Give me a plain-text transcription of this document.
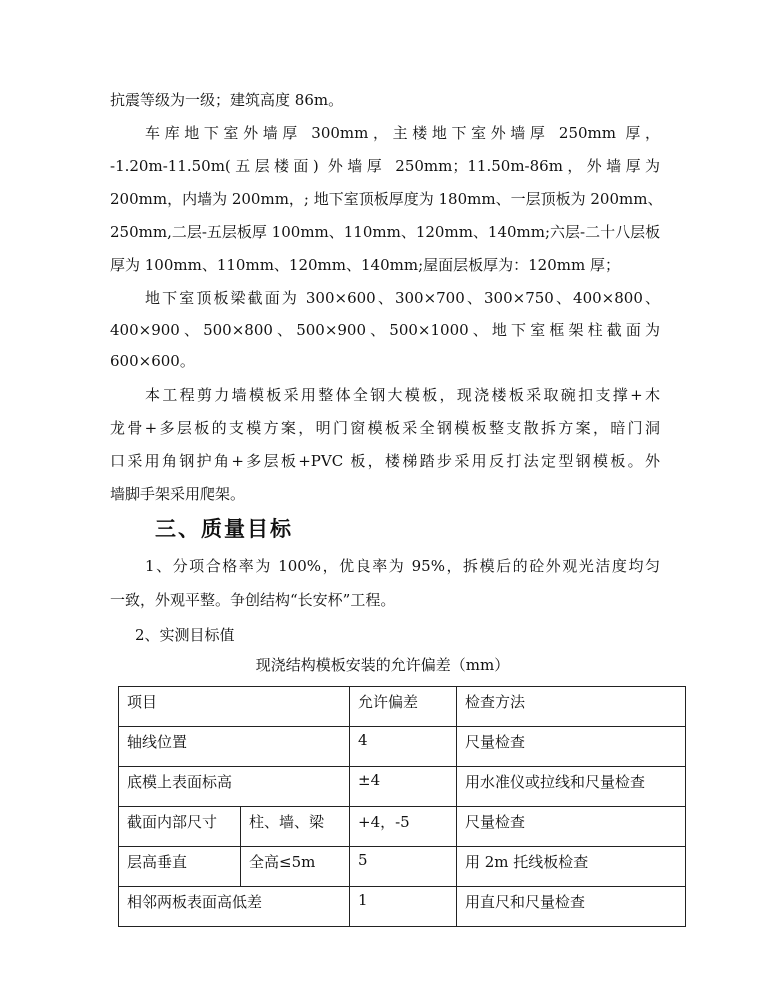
抗震等级为一级；建筑高度 86m。
车库地下室外墙厚 300mm，主楼地下室外墙厚 250mm 厚，
-1.20m-11.50m(五层楼面) 外墙厚 250mm；11.50m-86m，外墙厚为
200mm，内墙为 200mm，; 地下室顶板厚度为 180mm、一层顶板为 200mm、
250mm,二层-五层板厚 100mm、110mm、120mm、140mm;六层-二十八层板
厚为 100mm、110mm、120mm、140mm;屋面层板厚为：120mm 厚；
地下室顶板梁截面为 300×600、300×700、300×750、400×800、
400×900、500×800、500×900、500×1000、地下室框架柱截面为
600×600。
本工程剪力墙模板采用整体全钢大模板，现浇楼板采取碗扣支撑+木
龙骨+多层板的支模方案，明门窗模板采全钢模板整支散拆方案，暗门洞
口采用角钢护角+多层板+PVC 板，楼梯踏步采用反打法定型钢模板。外
墙脚手架采用爬架。
三、质量目标
1、分项合格率为 100%，优良率为 95%，拆模后的砼外观光洁度均匀
一致，外观平整。争创结构“长安杯”工程。
2、实测目标值
现浇结构模板安装的允许偏差（mm）
项目		允许偏差	检查方法
轴线位置		4	尺量检查
底模上表面标高		±4	用水准仪或拉线和尺量检查
截面内部尺寸	柱、墙、梁	+4，-5	尺量检查
层高垂直	全高≤5m	5	用 2m 托线板检查
相邻两板表面高低差		1	用直尺和尺量检查
